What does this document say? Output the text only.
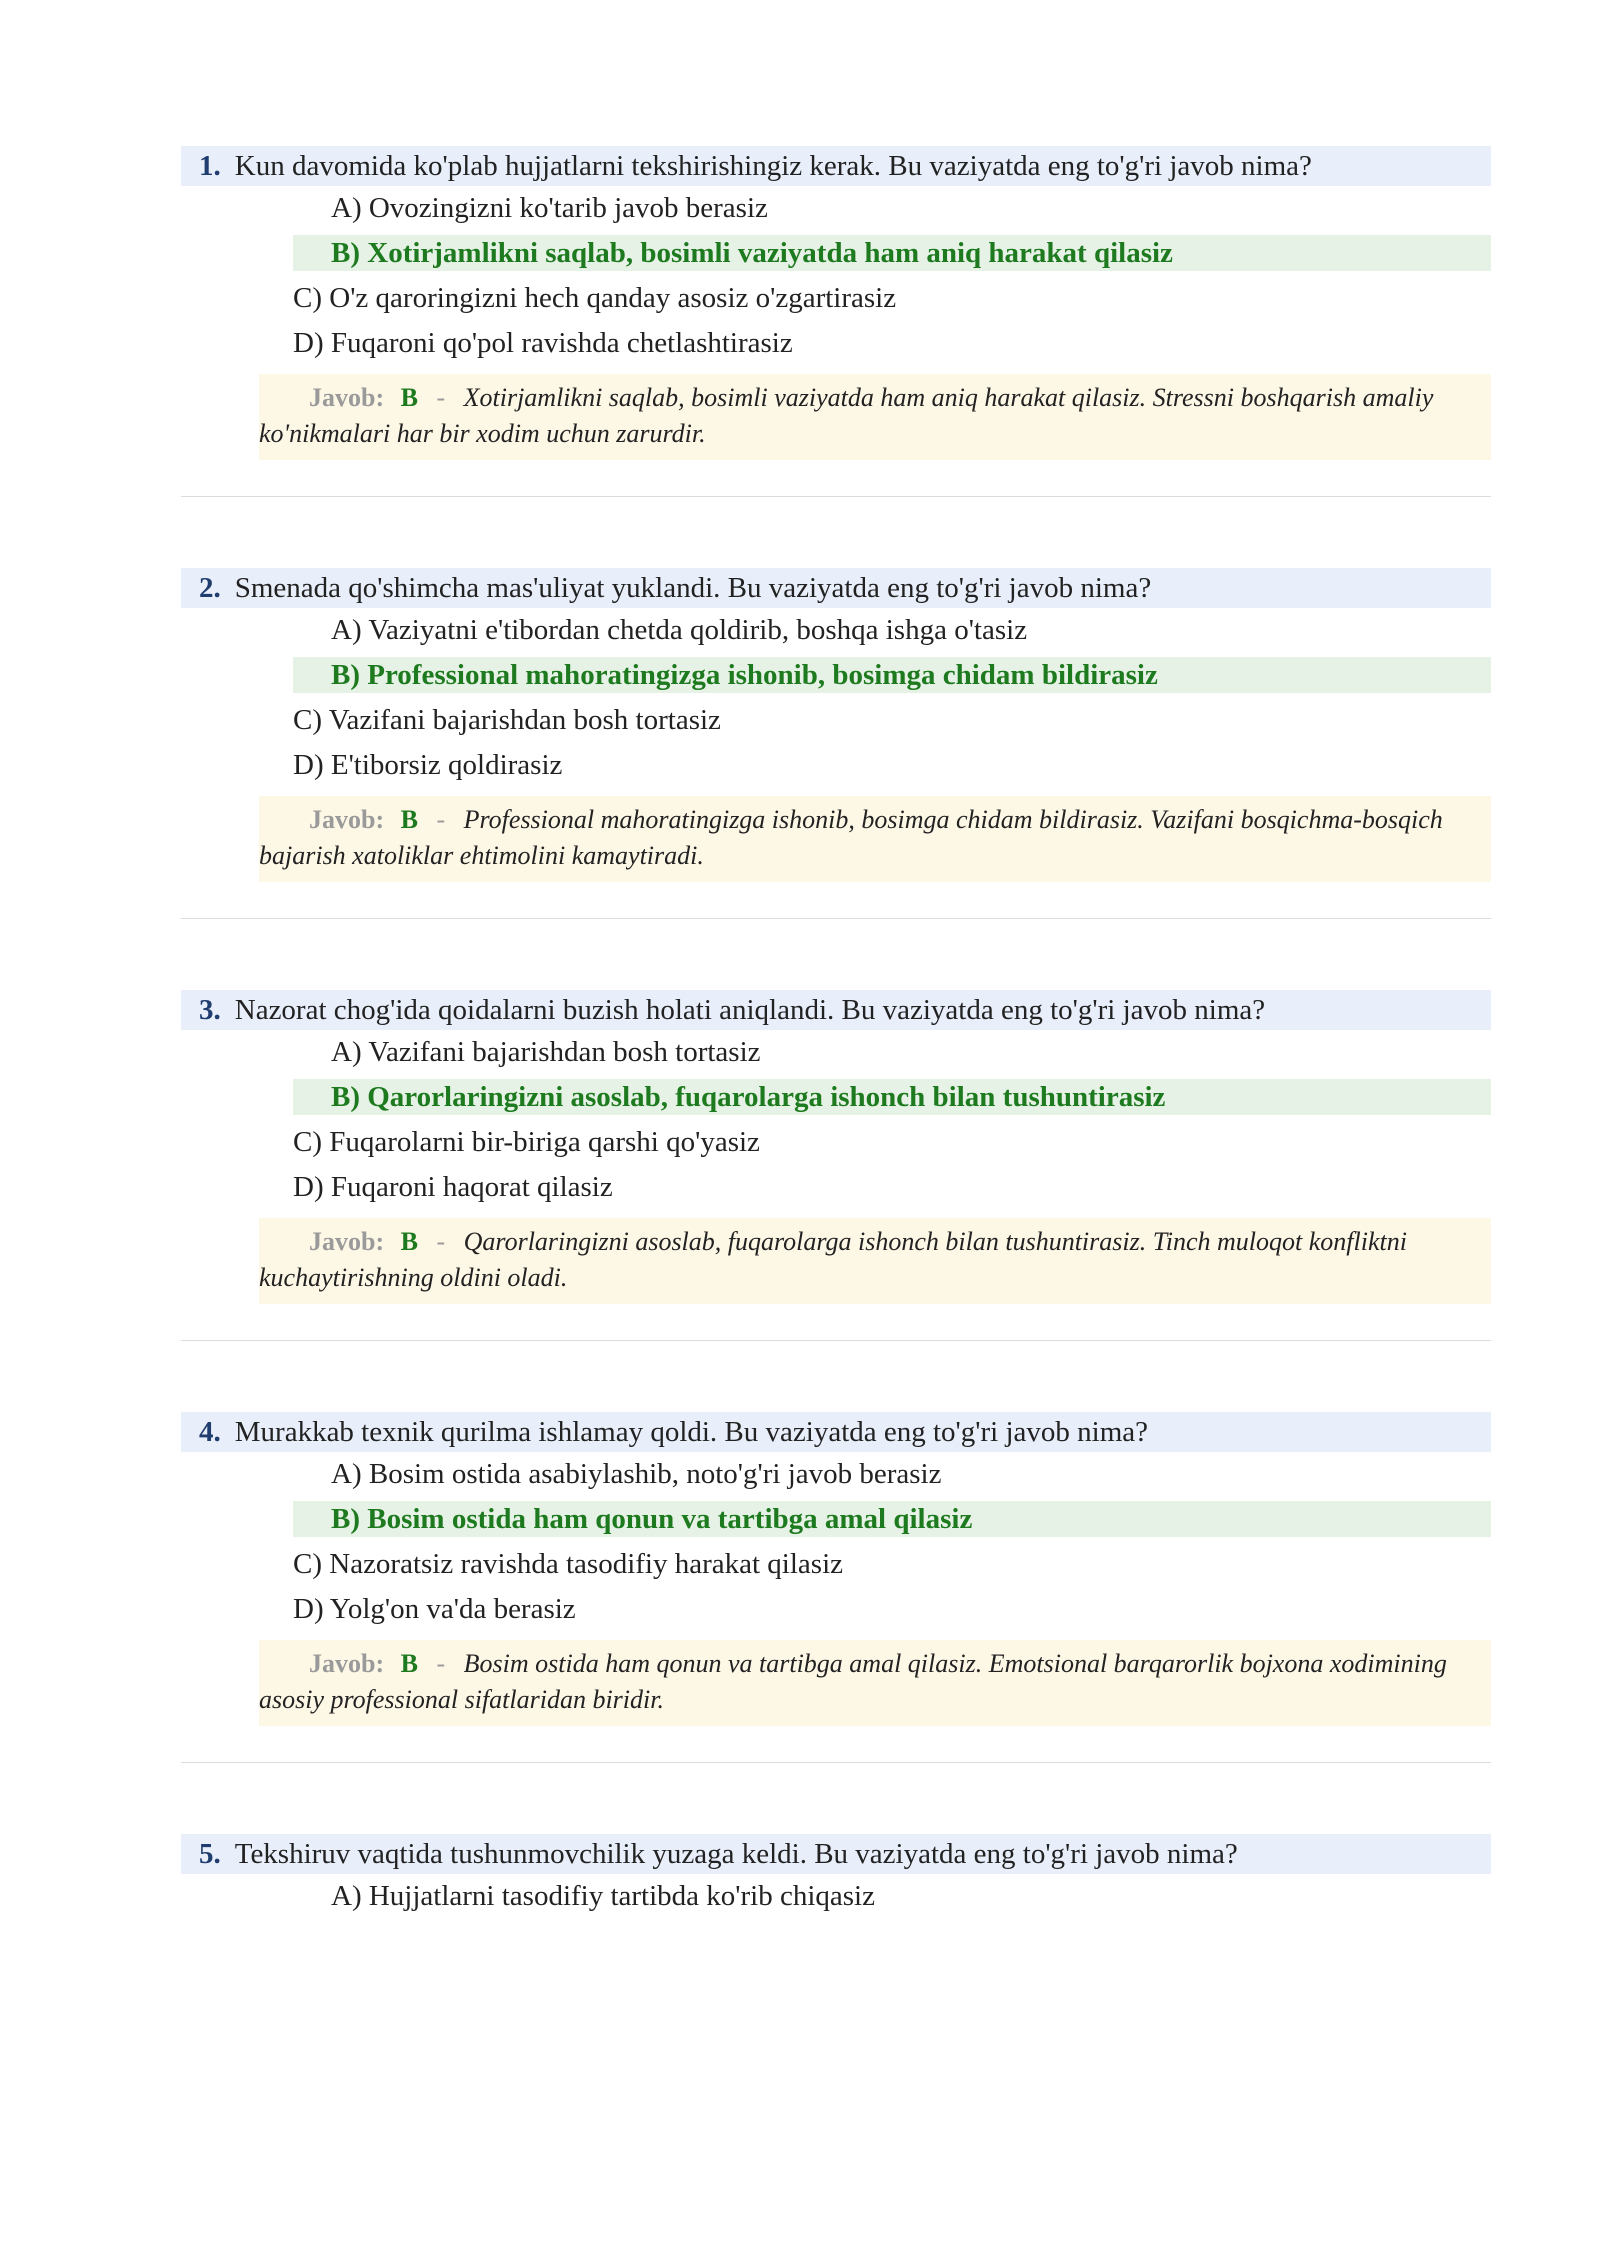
1. Kun davomida ko'plab hujjatlarni tekshirishingiz kerak. Bu vaziyatda eng to'g'ri javob nima?
A) Ovozingizni ko'tarib javob berasiz
B) Xotirjamlikni saqlab, bosimli vaziyatda ham aniq harakat qilasiz
C) O'z qaroringizni hech qanday asosiz o'zgartirasiz
D) Fuqaroni qo'pol ravishda chetlashtirasiz
Javob: B - Xotirjamlikni saqlab, bosimli vaziyatda ham aniq harakat qilasiz. Stressni boshqarish amaliy ko'nikmalari har bir xodim uchun zarurdir.
2. Smenada qo'shimcha mas'uliyat yuklandi. Bu vaziyatda eng to'g'ri javob nima?
A) Vaziyatni e'tibordan chetda qoldirib, boshqa ishga o'tasiz
B) Professional mahoratingizga ishonib, bosimga chidam bildirasiz
C) Vazifani bajarishdan bosh tortasiz
D) E'tiborsiz qoldirasiz
Javob: B - Professional mahoratingizga ishonib, bosimga chidam bildirasiz. Vazifani bosqichma-bosqich bajarish xatoliklar ehtimolini kamaytiradi.
3. Nazorat chog'ida qoidalarni buzish holati aniqlandi. Bu vaziyatda eng to'g'ri javob nima?
A) Vazifani bajarishdan bosh tortasiz
B) Qarorlaringizni asoslab, fuqarolarga ishonch bilan tushuntirasiz
C) Fuqarolarni bir-biriga qarshi qo'yasiz
D) Fuqaroni haqorat qilasiz
Javob: B - Qarorlaringizni asoslab, fuqarolarga ishonch bilan tushuntirasiz. Tinch muloqot konfliktni kuchaytirishning oldini oladi.
4. Murakkab texnik qurilma ishlamay qoldi. Bu vaziyatda eng to'g'ri javob nima?
A) Bosim ostida asabiylashib, noto'g'ri javob berasiz
B) Bosim ostida ham qonun va tartibga amal qilasiz
C) Nazoratsiz ravishda tasodifiy harakat qilasiz
D) Yolg'on va'da berasiz
Javob: B - Bosim ostida ham qonun va tartibga amal qilasiz. Emotsional barqarorlik bojxona xodimining asosiy professional sifatlaridan biridir.
5. Tekshiruv vaqtida tushunmovchilik yuzaga keldi. Bu vaziyatda eng to'g'ri javob nima?
A) Hujjatlarni tasodifiy tartibda ko'rib chiqasiz
